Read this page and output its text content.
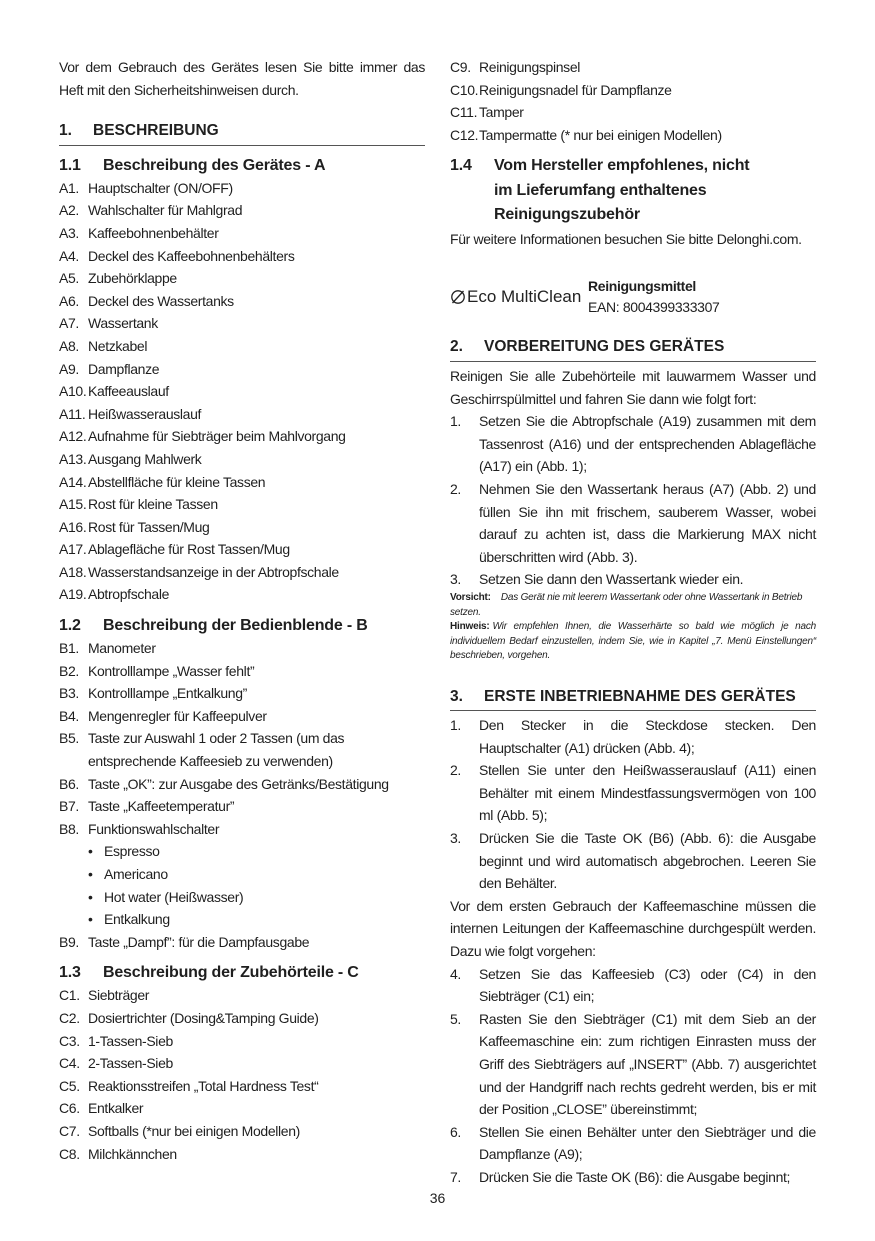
Vor dem Gebrauch des Gerätes lesen Sie bitte immer das Heft mit den Sicherheitshinweisen durch.

1. BESCHREIBUNG
1.1 Beschreibung des Gerätes - A
A1. Hauptschalter (ON/OFF)
A2. Wahlschalter für Mahlgrad
A3. Kaffeebohnenbehälter
A4. Deckel des Kaffeebohnenbehälters
A5. Zubehörklappe
A6. Deckel des Wassertanks
A7. Wassertank
A8. Netzkabel
A9. Dampflanze
A10. Kaffeeauslauf
A11. Heißwasserauslauf
A12. Aufnahme für Siebträger beim Mahlvorgang
A13. Ausgang Mahlwerk
A14. Abstellfläche für kleine Tassen
A15. Rost für kleine Tassen
A16. Rost für Tassen/Mug
A17. Ablagefläche für Rost Tassen/Mug
A18. Wasserstandsanzeige in der Abtropfschale
A19. Abtropfschale
1.2 Beschreibung der Bedienblende - B
B1. Manometer
B2. Kontrolllampe „Wasser fehlt”
B3. Kontrolllampe „Entkalkung”
B4. Mengenregler für Kaffeepulver
B5. Taste zur Auswahl 1 oder 2 Tassen (um das entsprechende Kaffeesieb zu verwenden)
B6. Taste „OK”: zur Ausgabe des Getränks/Bestätigung
B7. Taste „Kaffeetemperatur”
B8. Funktionswahlschalter
• Espresso
• Americano
• Hot water (Heißwasser)
• Entkalkung
B9. Taste „Dampf”: für die Dampfausgabe
1.3 Beschreibung der Zubehörteile - C
C1. Siebträger
C2. Dosiertrichter (Dosing&Tamping Guide)
C3. 1-Tassen-Sieb
C4. 2-Tassen-Sieb
C5. Reaktionsstreifen „Total Hardness Test“
C6. Entkalker
C7. Softballs (*nur bei einigen Modellen)
C8. Milchkännchen
C9. Reinigungspinsel
C10. Reinigungsnadel für Dampflanze
C11. Tamper
C12. Tampermatte (* nur bei einigen Modellen)
1.4	Vom Hersteller empfohlenes, nicht im Lieferumfang enthaltenes Reinigungszubehör

Für weitere Informationen besuchen Sie bitte Delonghi.com.

Eco MultiClean
Reinigungsmittel
EAN: 8004399333307
2. VORBEREITUNG DES GERÄTES

Reinigen Sie alle Zubehörteile mit lauwarmem Wasser und Geschirrspülmittel und fahren Sie dann wie folgt fort:

1.	Setzen Sie die Abtropfschale (A19) zusammen mit dem Tassenrost (A16) und der entsprechenden Ablagefläche (A17) ein (Abb. 1);
2.	Nehmen Sie den Wassertank heraus (A7) (Abb. 2) und füllen Sie ihn mit frischem, sauberem Wasser, wobei darauf zu achten ist, dass die Markierung MAX nicht überschritten wird (Abb. 3).
3.	Setzen Sie dann den Wassertank wieder ein.

Vorsicht: Das Gerät nie mit leerem Wassertank oder ohne Wassertank in Betrieb setzen.

Hinweis: Wir empfehlen Ihnen, die Wasserhärte so bald wie möglich je nach individuellem Bedarf einzustellen, indem Sie, wie in Kapitel „7. Menü Einstellungen“ beschrieben, vorgehen.

3. ERSTE INBETRIEBNAHME DES GERÄTES
1.	Den Stecker in die Steckdose stecken. Den Hauptschalter (A1) drücken (Abb. 4);
2.	Stellen Sie unter den Heißwasserauslauf (A11) einen Behälter mit einem Mindestfassungsvermögen von 100 ml (Abb. 5);
3.	Drücken Sie die Taste OK (B6) (Abb. 6): die Ausgabe beginnt und wird automatisch abgebrochen. Leeren Sie den Behälter.

Vor dem ersten Gebrauch der Kaffeemaschine müssen die internen Leitungen der Kaffeemaschine durchgespült werden. Dazu wie folgt vorgehen:

4.	Setzen Sie das Kaffeesieb (C3) oder (C4) in den Siebträger (C1) ein;
5.	Rasten Sie den Siebträger (C1) mit dem Sieb an der Kaffeemaschine ein: zum richtigen Einrasten muss der Griff des Siebträgers auf „INSERT” (Abb. 7) ausgerichtet und der Handgriff nach rechts gedreht werden, bis er mit der Position „CLOSE” übereinstimmt;
6.	Stellen Sie einen Behälter unter den Siebträger und die Dampflanze (A9);
7.	Drücken Sie die Taste OK (B6): die Ausgabe beginnt;
36
